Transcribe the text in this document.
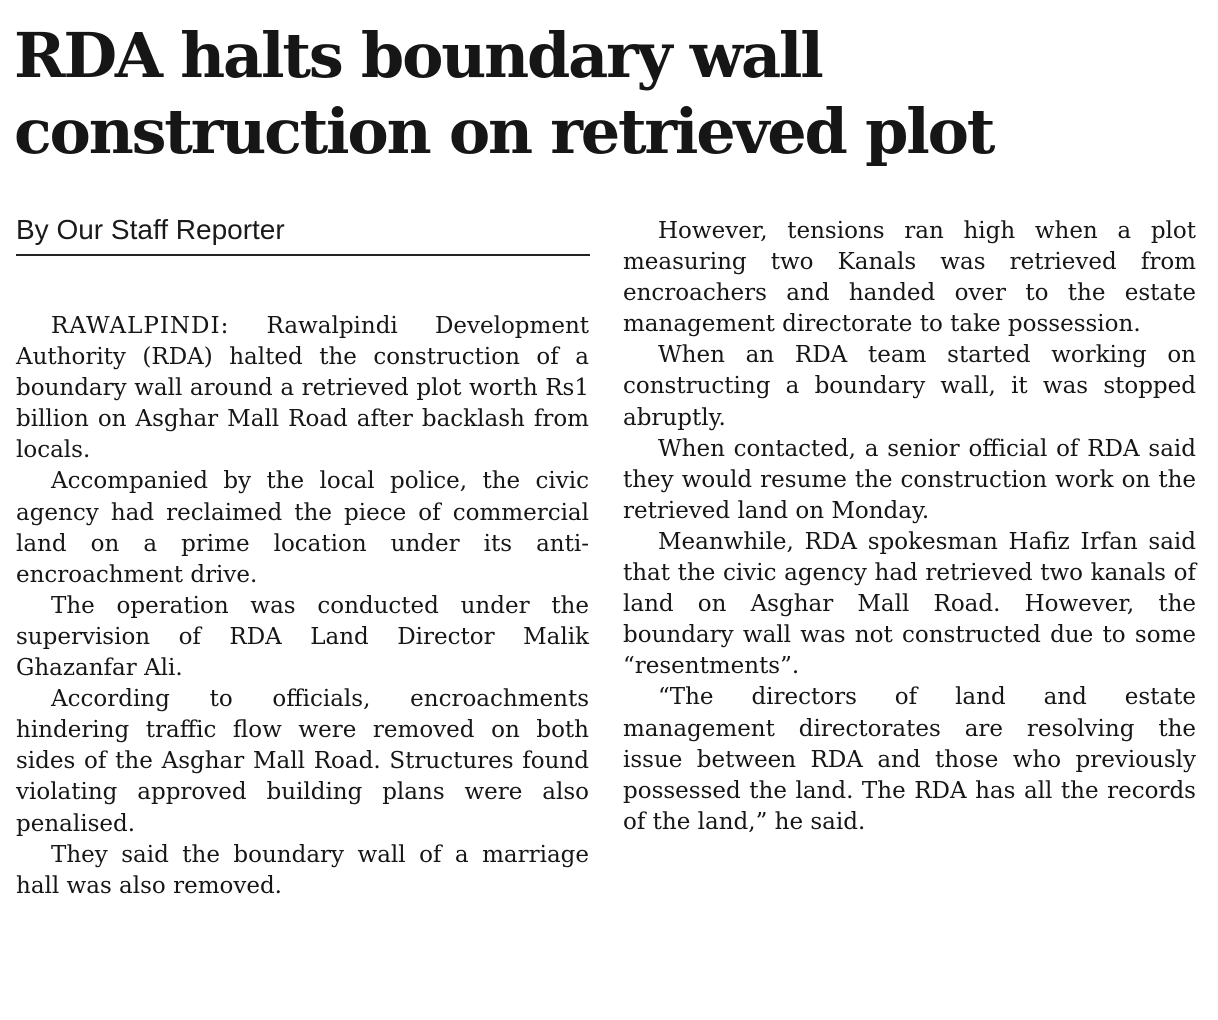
RDA halts boundary wall construction on retrieved plot
By Our Staff Reporter

RAWALPINDI: Rawalpindi Development Authority (RDA) halted the construction of a boundary wall around a retrieved plot worth Rs1 billion on Asghar Mall Road after backlash from locals.

Accompanied by the local police, the civic agency had reclaimed the piece of commercial land on a prime location under its anti-encroachment drive.

The operation was conducted under the supervision of RDA Land Director Malik Ghazanfar Ali.

According to officials, encroachments hindering traffic flow were removed on both sides of the Asghar Mall Road. Structures found violating approved building plans were also penalised.

They said the boundary wall of a marriage hall was also removed.

However, tensions ran high when a plot measuring two Kanals was retrieved from encroachers and handed over to the estate management directorate to take possession.

When an RDA team started working on constructing a boundary wall, it was stopped abruptly.

When contacted, a senior official of RDA said they would resume the construction work on the retrieved land on Monday.

Meanwhile, RDA spokesman Hafiz Irfan said that the civic agency had retrieved two kanals of land on Asghar Mall Road. However, the boundary wall was not constructed due to some “resentments”.

“The directors of land and estate management directorates are resolving the issue between RDA and those who previously possessed the land. The RDA has all the records of the land,” he said.
